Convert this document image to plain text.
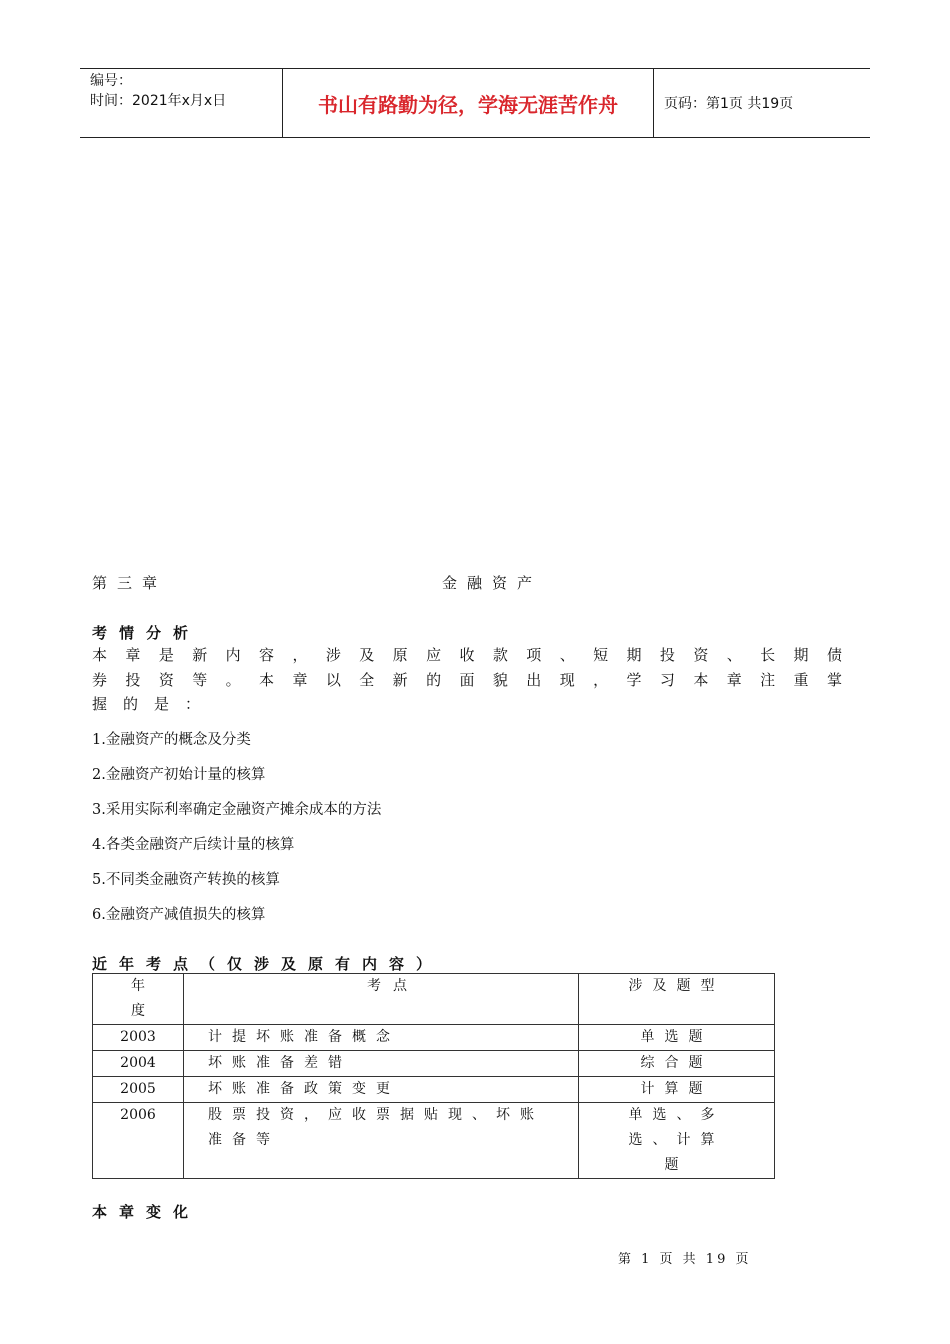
编号：
时间：2021年x月x日	书山有路勤为径，学海无涯苦作舟	页码：第1页 共19页
第三章	金融资产
考情分析
本 章 是 新 内 容 ， 涉 及 原 应 收 款 项 、 短 期 投 资 、 长 期 债
券 投 资 等 。 本 章 以 全 新 的 面 貌 出 现 ， 学 习 本 章 注 重 掌
握 的 是 ：
1.金融资产的概念及分类
2.金融资产初始计量的核算
3.采用实际利率确定金融资产摊余成本的方法
4.各类金融资产后续计量的核算
5.不同类金融资产转换的核算
6.金融资产减值损失的核算
近年考点（仅涉及原有内容）
年度	考点	涉及题型
2003	计提坏账准备概念	单选题
2004	坏账准备差错	综合题
2005	坏账准备政策变更	计算题
2006	股票投资，应收票据贴现、坏账准备等	单选、多选、计算题
本章变化
第 1 页 共 19 页
